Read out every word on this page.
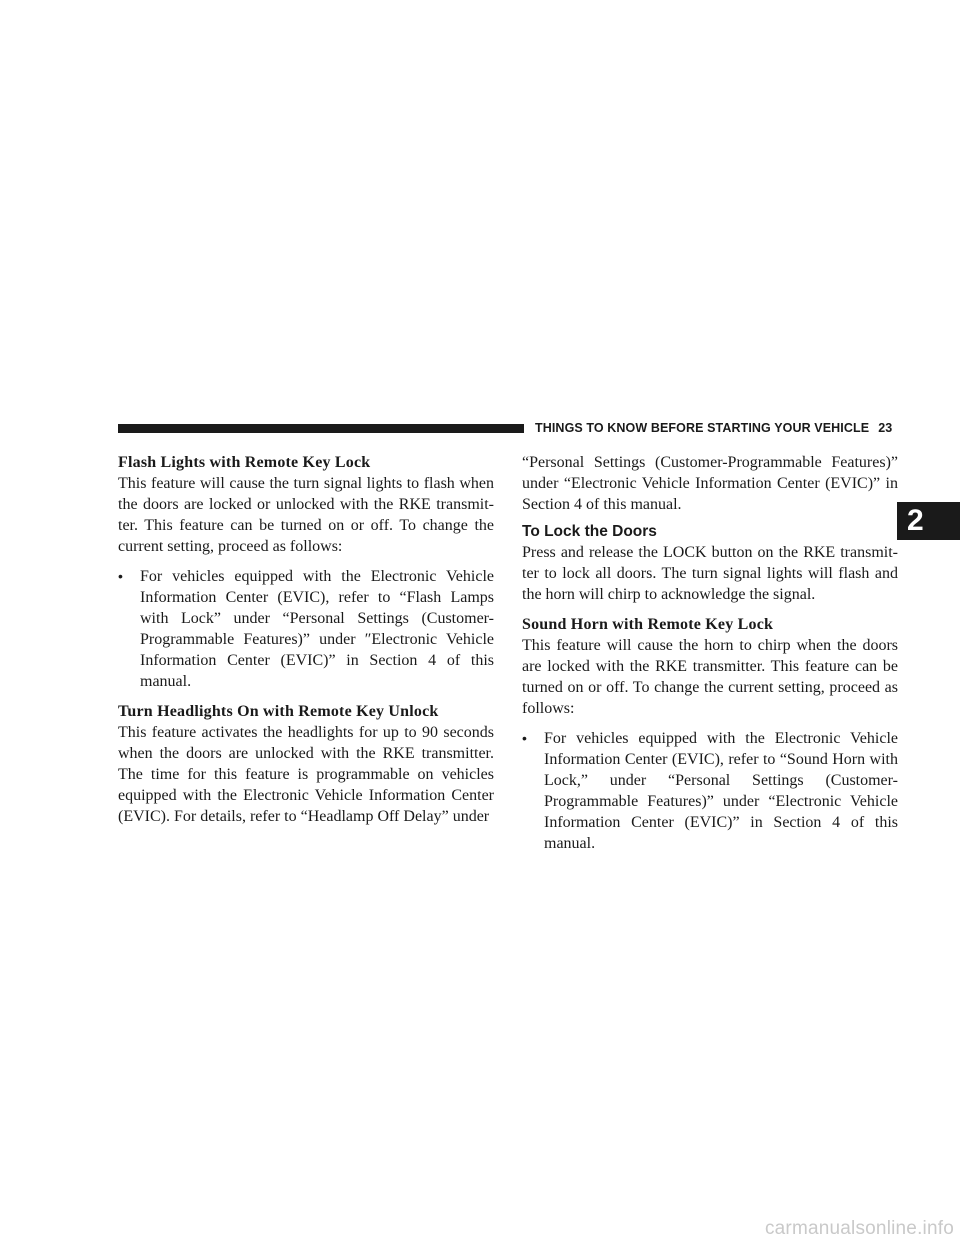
THINGS TO KNOW BEFORE STARTING YOUR VEHICLE 23
2
Flash Lights with Remote Key Lock

This feature will cause the turn signal lights to flash when the doors are locked or unlocked with the RKE transmit-ter. This feature can be turned on or off. To change the current setting, proceed as follows:

• For vehicles equipped with the Electronic Vehicle Information Center (EVIC), refer to “Flash Lamps with Lock” under “Personal Settings (Customer-Programmable Features)” under ″Electronic Vehicle Information Center (EVIC)” in Section 4 of this manual.

Turn Headlights On with Remote Key Unlock

This feature activates the headlights for up to 90 seconds when the doors are unlocked with the RKE transmitter. The time for this feature is programmable on vehicles equipped with the Electronic Vehicle Information Center (EVIC). For details, refer to “Headlamp Off Delay” under

“Personal Settings (Customer-Programmable Features)” under “Electronic Vehicle Information Center (EVIC)” in Section 4 of this manual.

To Lock the Doors

Press and release the LOCK button on the RKE transmit-ter to lock all doors. The turn signal lights will flash and the horn will chirp to acknowledge the signal.

Sound Horn with Remote Key Lock

This feature will cause the horn to chirp when the doors are locked with the RKE transmitter. This feature can be turned on or off. To change the current setting, proceed as follows:

• For vehicles equipped with the Electronic Vehicle Information Center (EVIC), refer to “Sound Horn with Lock,” under “Personal Settings (Customer-Programmable Features)” under “Electronic Vehicle Information Center (EVIC)” in Section 4 of this manual.

carmanualsonline.info
